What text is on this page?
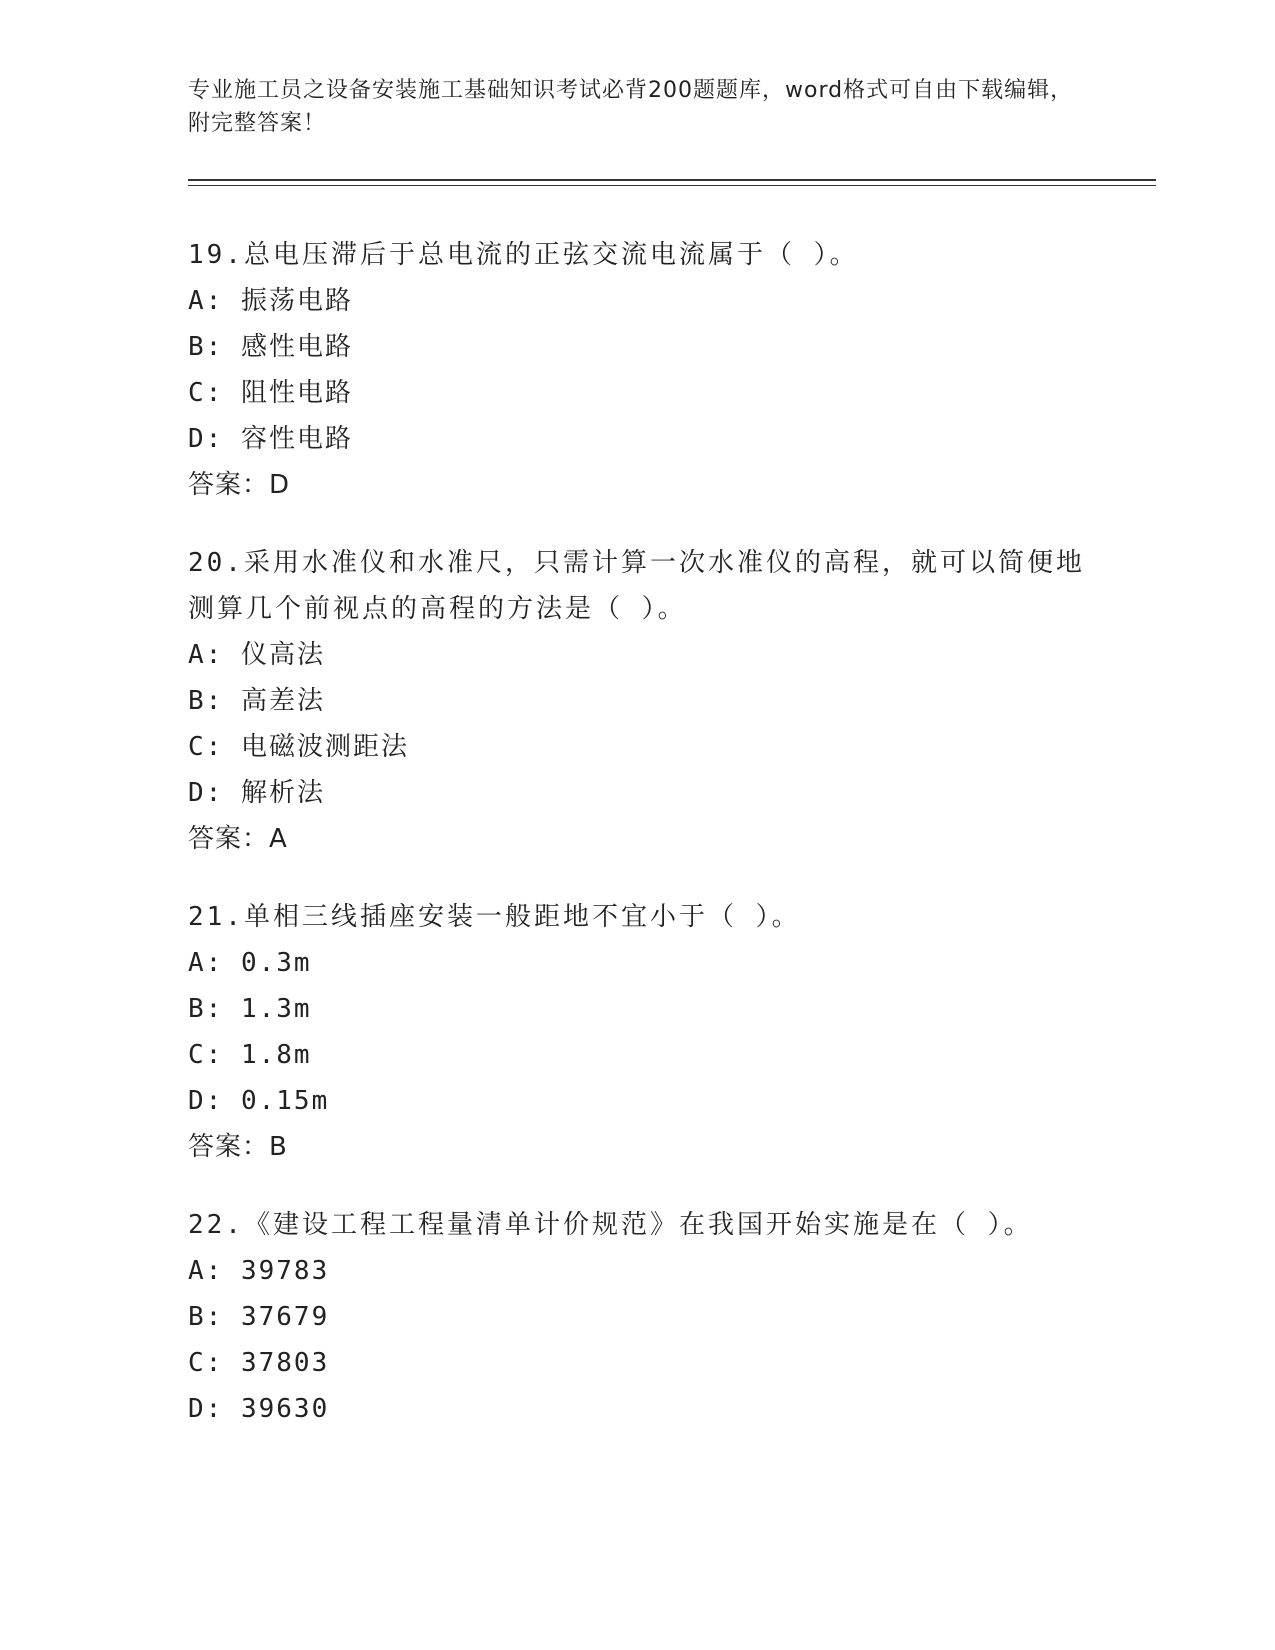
专业施工员之设备安装施工基础知识考试必背200题题库，word格式可自由下载编辑，附完整答案！
19.总电压滞后于总电流的正弦交流电流属于（ ）。
A: 振荡电路
B: 感性电路
C: 阻性电路
D: 容性电路
答案：D
20.采用水准仪和水准尺，只需计算一次水准仪的高程，就可以简便地测算几个前视点的高程的方法是（ ）。
A: 仪高法
B: 高差法
C: 电磁波测距法
D: 解析法
答案：A
21.单相三线插座安装一般距地不宜小于（ ）。
A: 0.3m
B: 1.3m
C: 1.8m
D: 0.15m
答案：B
22.《建设工程工程量清单计价规范》在我国开始实施是在（ ）。
A: 39783
B: 37679
C: 37803
D: 39630
